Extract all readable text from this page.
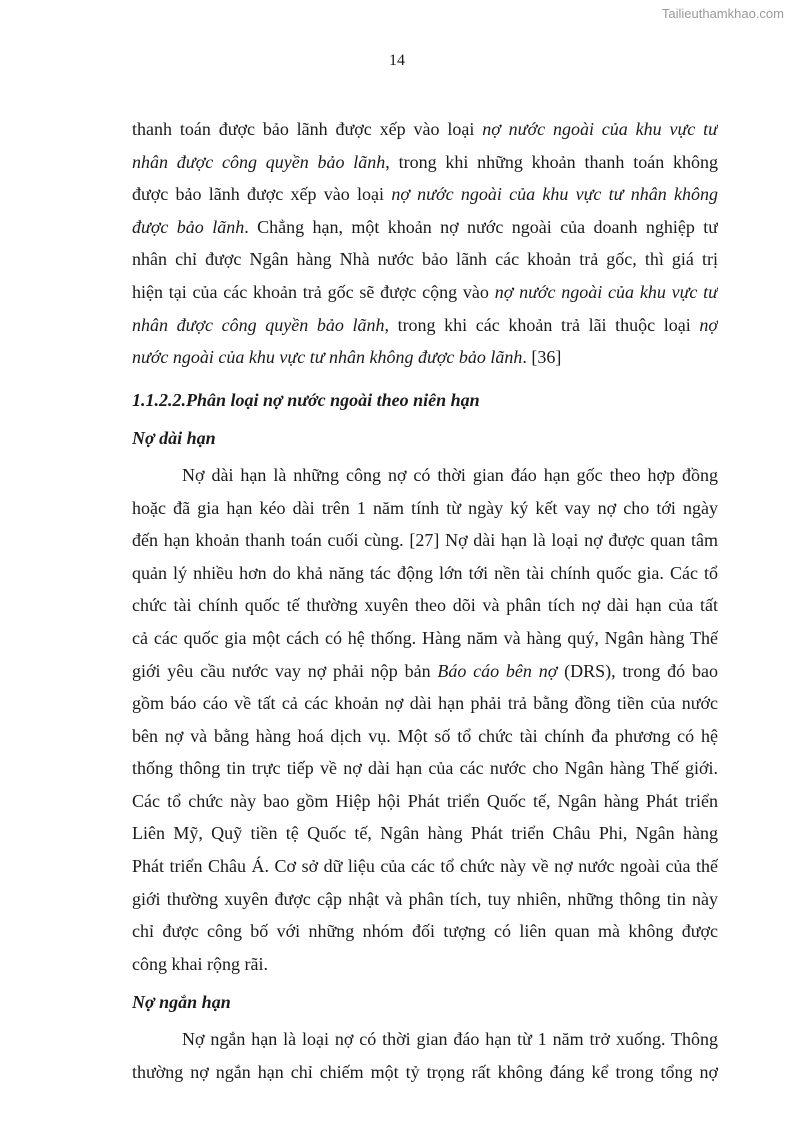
Tailieuthamkhao.com
14
thanh toán được bảo lãnh được xếp vào loại nợ nước ngoài của khu vực tư
nhân được công quyền bảo lãnh, trong khi những khoản thanh toán không
được bảo lãnh được xếp vào loại nợ nước ngoài của khu vực tư nhân không
được bảo lãnh. Chẳng hạn, một khoản nợ nước ngoài của doanh nghiệp tư
nhân chỉ được Ngân hàng Nhà nước bảo lãnh các khoản trả gốc, thì giá trị
hiện tại của các khoản trả gốc sẽ được cộng vào nợ nước ngoài của khu vực tư
nhân được công quyền bảo lãnh, trong khi các khoản trả lãi thuộc loại nợ
nước ngoài của khu vực tư nhân không được bảo lãnh. [36]
1.1.2.2.Phân loại nợ nước ngoài theo niên hạn
Nợ dài hạn
Nợ dài hạn là những công nợ có thời gian đáo hạn gốc theo hợp đồng
hoặc đã gia hạn kéo dài trên 1 năm tính từ ngày ký kết vay nợ cho tới ngày
đến hạn khoản thanh toán cuối cùng. [27] Nợ dài hạn là loại nợ được quan tâm
quản lý nhiều hơn do khả năng tác động lớn tới nền tài chính quốc gia. Các tổ
chức tài chính quốc tế thường xuyên theo dõi và phân tích nợ dài hạn của tất
cả các quốc gia một cách có hệ thống. Hàng năm và hàng quý, Ngân hàng Thế
giới yêu cầu nước vay nợ phải nộp bản Báo cáo bên nợ (DRS), trong đó bao
gồm báo cáo về tất cả các khoản nợ dài hạn phải trả bằng đồng tiền của nước
bên nợ và bằng hàng hoá dịch vụ. Một số tổ chức tài chính đa phương có hệ
thống thông tin trực tiếp về nợ dài hạn của các nước cho Ngân hàng Thế giới.
Các tổ chức này bao gồm Hiệp hội Phát triển Quốc tế, Ngân hàng Phát triển
Liên Mỹ, Quỹ tiền tệ Quốc tế, Ngân hàng Phát triển Châu Phi, Ngân hàng
Phát triển Châu Á. Cơ sở dữ liệu của các tổ chức này về nợ nước ngoài của thế
giới thường xuyên được cập nhật và phân tích, tuy nhiên, những thông tin này
chỉ được công bố với những nhóm đối tượng có liên quan mà không được
công khai rộng rãi.
Nợ ngắn hạn
Nợ ngắn hạn là loại nợ có thời gian đáo hạn từ 1 năm trở xuống. Thông
thường nợ ngắn hạn chỉ chiếm một tỷ trọng rất không đáng kể trong tổng nợ
